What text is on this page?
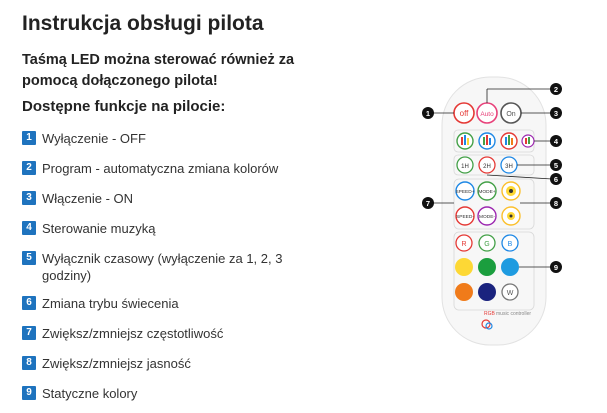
Instrukcja obsługi pilota
Taśmą LED można sterować również za pomocą dołączonego pilota!
Dostępne funkcje na pilocie:
1 Wyłączenie - OFF
2 Program - automatyczna zmiana kolorów
3 Włączenie - ON
4 Sterowanie muzyką
5 Wyłącznik czasowy (wyłączenie za 1, 2, 3 godziny)
6 Zmiana trybu świecenia
7 Zwiększ/zmniejsz częstotliwość
8 Zwiększ/zmniejsz jasność
9 Statyczne kolory
off Auto On
1H 2H 3H
SPEED+ MODE+
SPEED- MODE-
R	G	B
W
RGB music controller
1
2
3
4
5
6
7	8
9
